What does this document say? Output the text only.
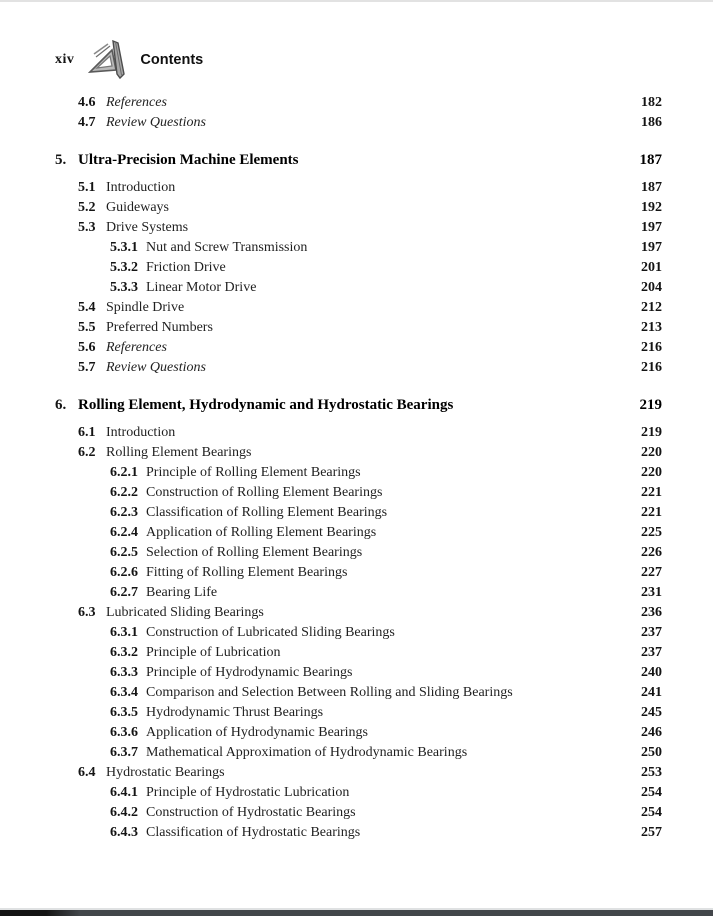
xiv	Contents
4.6 References	182
4.7 Review Questions	186
5. Ultra-Precision Machine Elements	187
5.1 Introduction	187
5.2 Guideways	192
5.3 Drive Systems	197
5.3.1 Nut and Screw Transmission	197
5.3.2 Friction Drive	201
5.3.3 Linear Motor Drive	204
5.4 Spindle Drive	212
5.5 Preferred Numbers	213
5.6 References	216
5.7 Review Questions	216
6. Rolling Element, Hydrodynamic and Hydrostatic Bearings	219
6.1 Introduction	219
6.2 Rolling Element Bearings	220
6.2.1 Principle of Rolling Element Bearings	220
6.2.2 Construction of Rolling Element Bearings	221
6.2.3 Classification of Rolling Element Bearings	221
6.2.4 Application of Rolling Element Bearings	225
6.2.5 Selection of Rolling Element Bearings	226
6.2.6 Fitting of Rolling Element Bearings	227
6.2.7 Bearing Life	231
6.3 Lubricated Sliding Bearings	236
6.3.1 Construction of Lubricated Sliding Bearings	237
6.3.2 Principle of Lubrication	237
6.3.3 Principle of Hydrodynamic Bearings	240
6.3.4 Comparison and Selection Between Rolling and Sliding Bearings	241
6.3.5 Hydrodynamic Thrust Bearings	245
6.3.6 Application of Hydrodynamic Bearings	246
6.3.7 Mathematical Approximation of Hydrodynamic Bearings	250
6.4 Hydrostatic Bearings	253
6.4.1 Principle of Hydrostatic Lubrication	254
6.4.2 Construction of Hydrostatic Bearings	254
6.4.3 Classification of Hydrostatic Bearings	257
